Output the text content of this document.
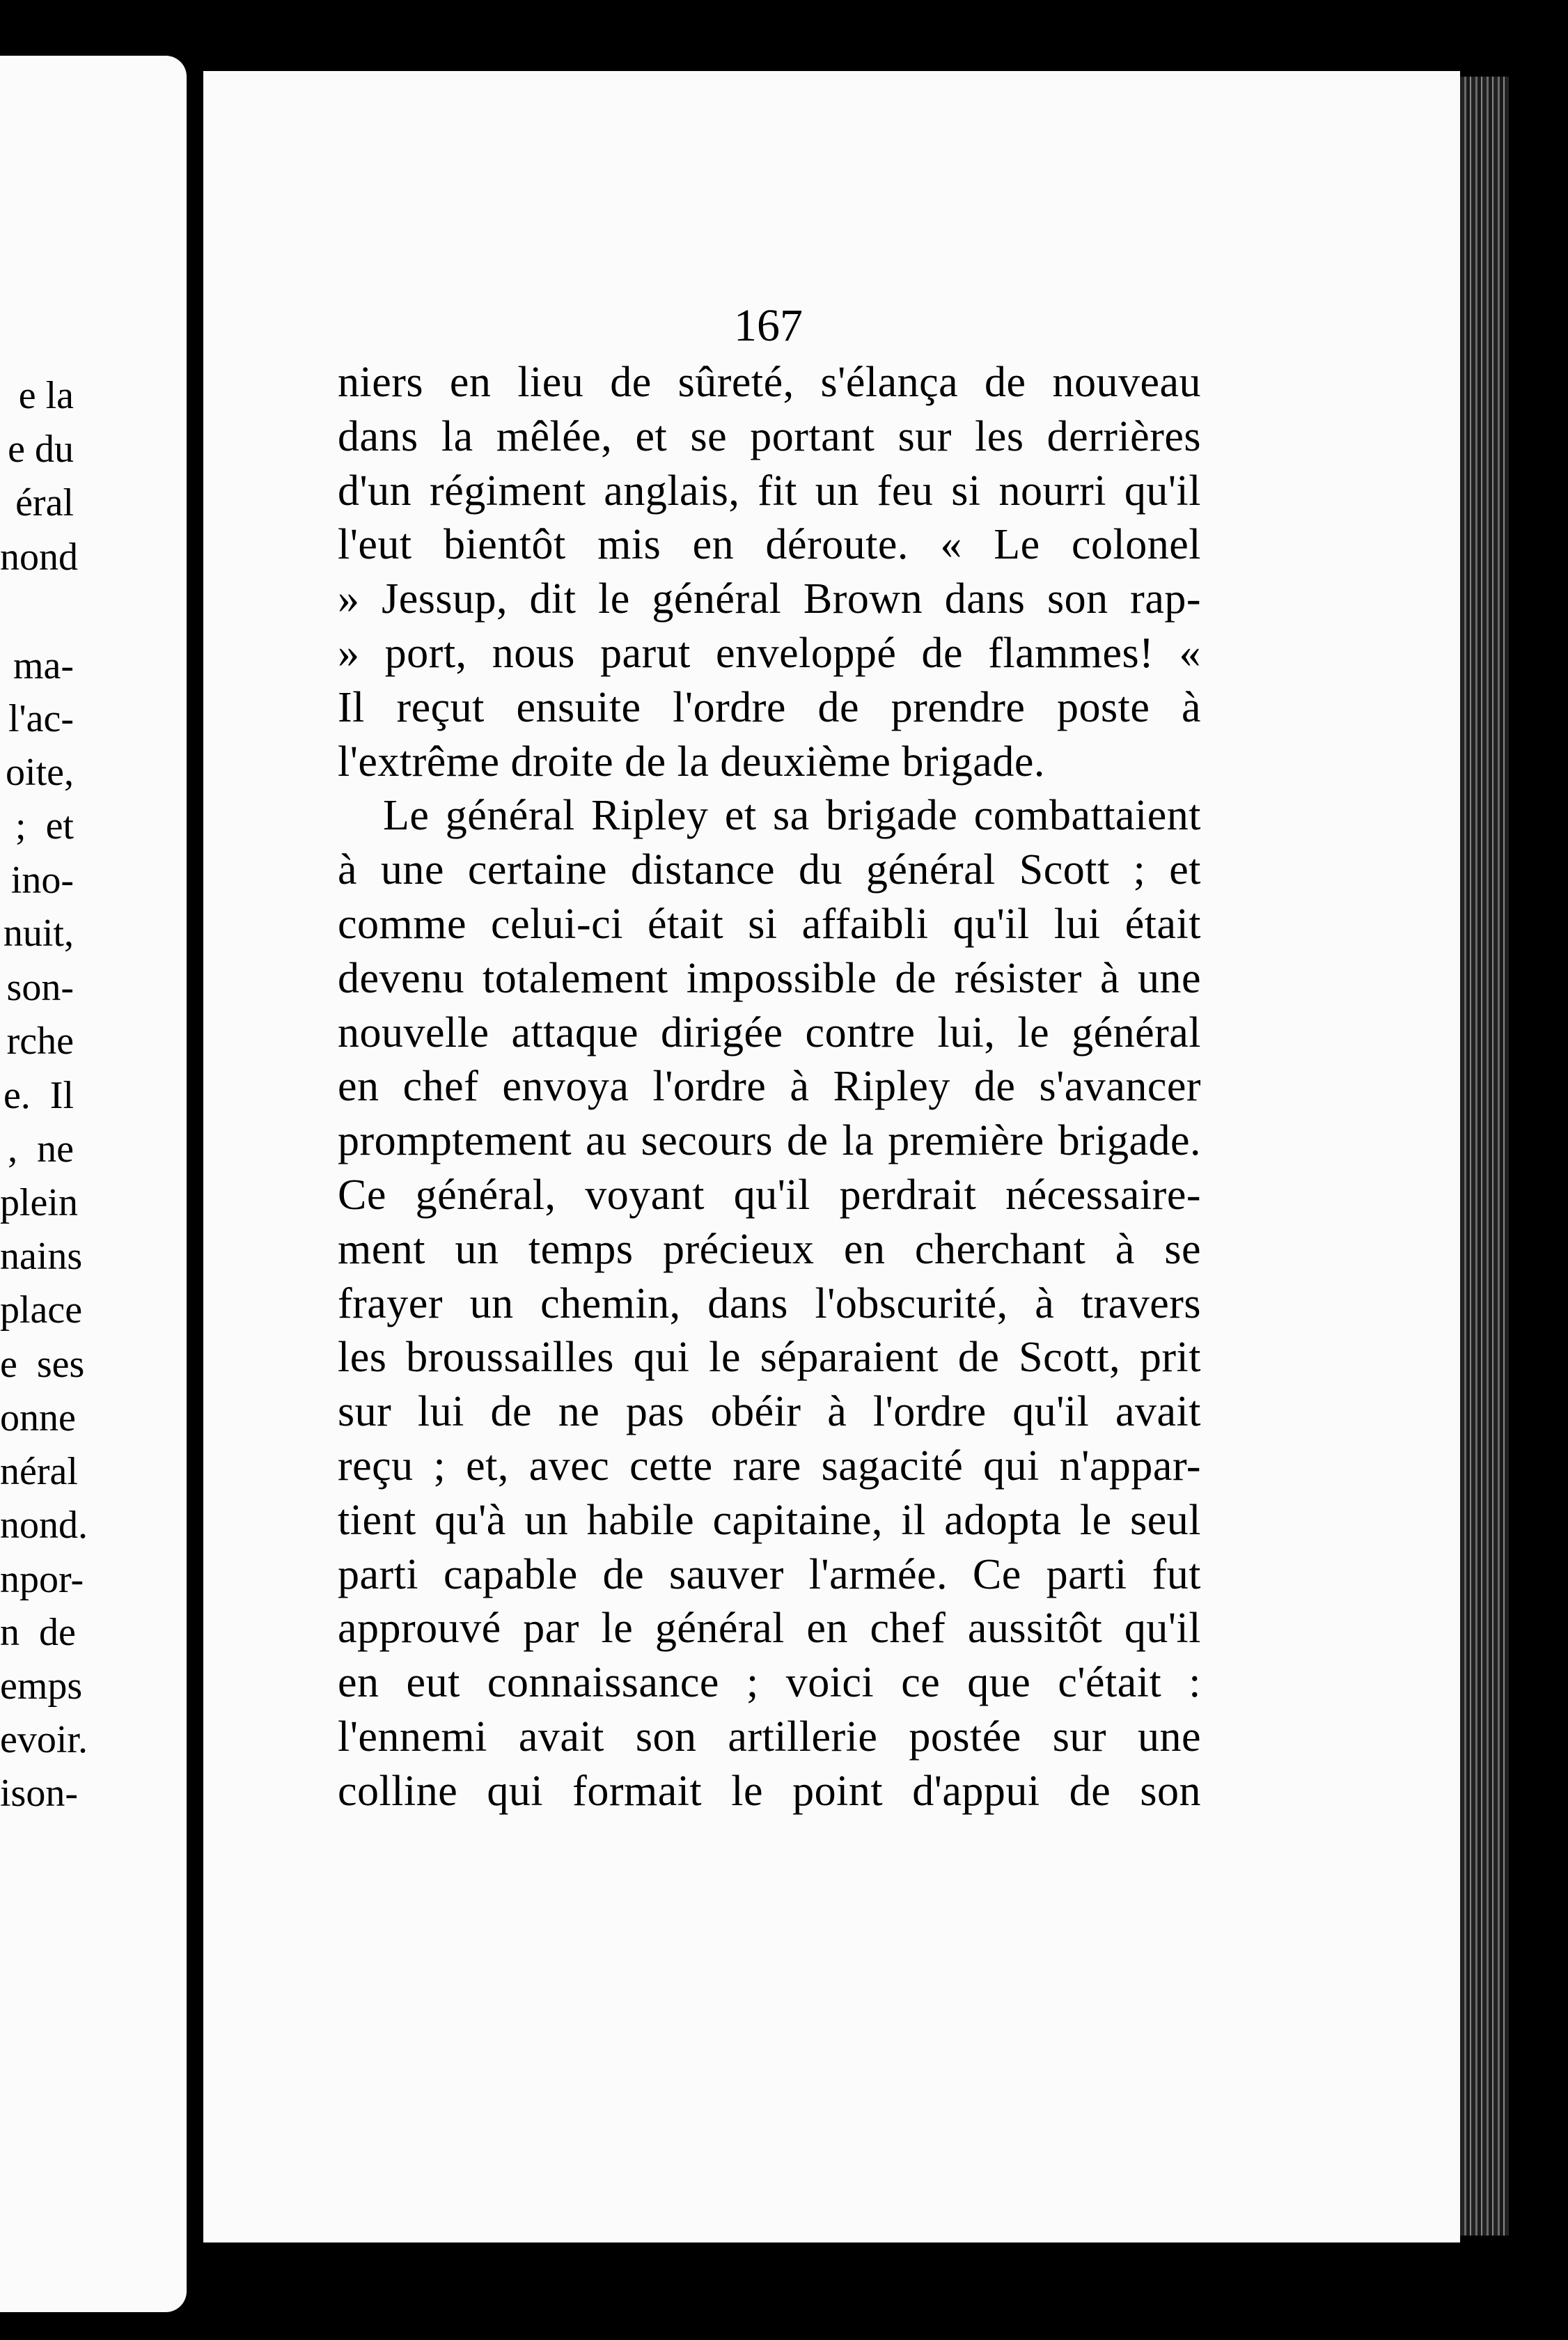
e la
e du
éral
nond
ma-
l'ac-
oite,
;  et
ino-
nuit,
son-
rche
e.  Il
,  ne
plein
nains
place
e  ses
onne
néral
nond.
npor-
n  de
emps
evoir.
ison-
167
niers en lieu de sûreté, s'élança de nouveau
dans la mêlée, et se portant sur les derrières
d'un régiment anglais, fit un feu si nourri qu'il
l'eut bientôt mis en déroute. « Le colonel
» Jessup, dit le général Brown dans son rap-
» port, nous parut enveloppé de flammes! «
Il reçut ensuite l'ordre de prendre poste à
l'extrême droite de la deuxième brigade.
Le général Ripley et sa brigade combattaient
à une certaine distance du général Scott ; et
comme celui-ci était si affaibli qu'il lui était
devenu totalement impossible de résister à une
nouvelle attaque dirigée contre lui, le général
en chef envoya l'ordre à Ripley de s'avancer
promptement au secours de la première brigade.
Ce général, voyant qu'il perdrait nécessaire-
ment un temps précieux en cherchant à se
frayer un chemin, dans l'obscurité, à travers
les broussailles qui le séparaient de Scott, prit
sur lui de ne pas obéir à l'ordre qu'il avait
reçu ; et, avec cette rare sagacité qui n'appar-
tient qu'à un habile capitaine, il adopta le seul
parti capable de sauver l'armée. Ce parti fut
approuvé par le général en chef aussitôt qu'il
en eut connaissance ; voici ce que c'était :
l'ennemi avait son artillerie postée sur une
colline qui formait le point d'appui de son
